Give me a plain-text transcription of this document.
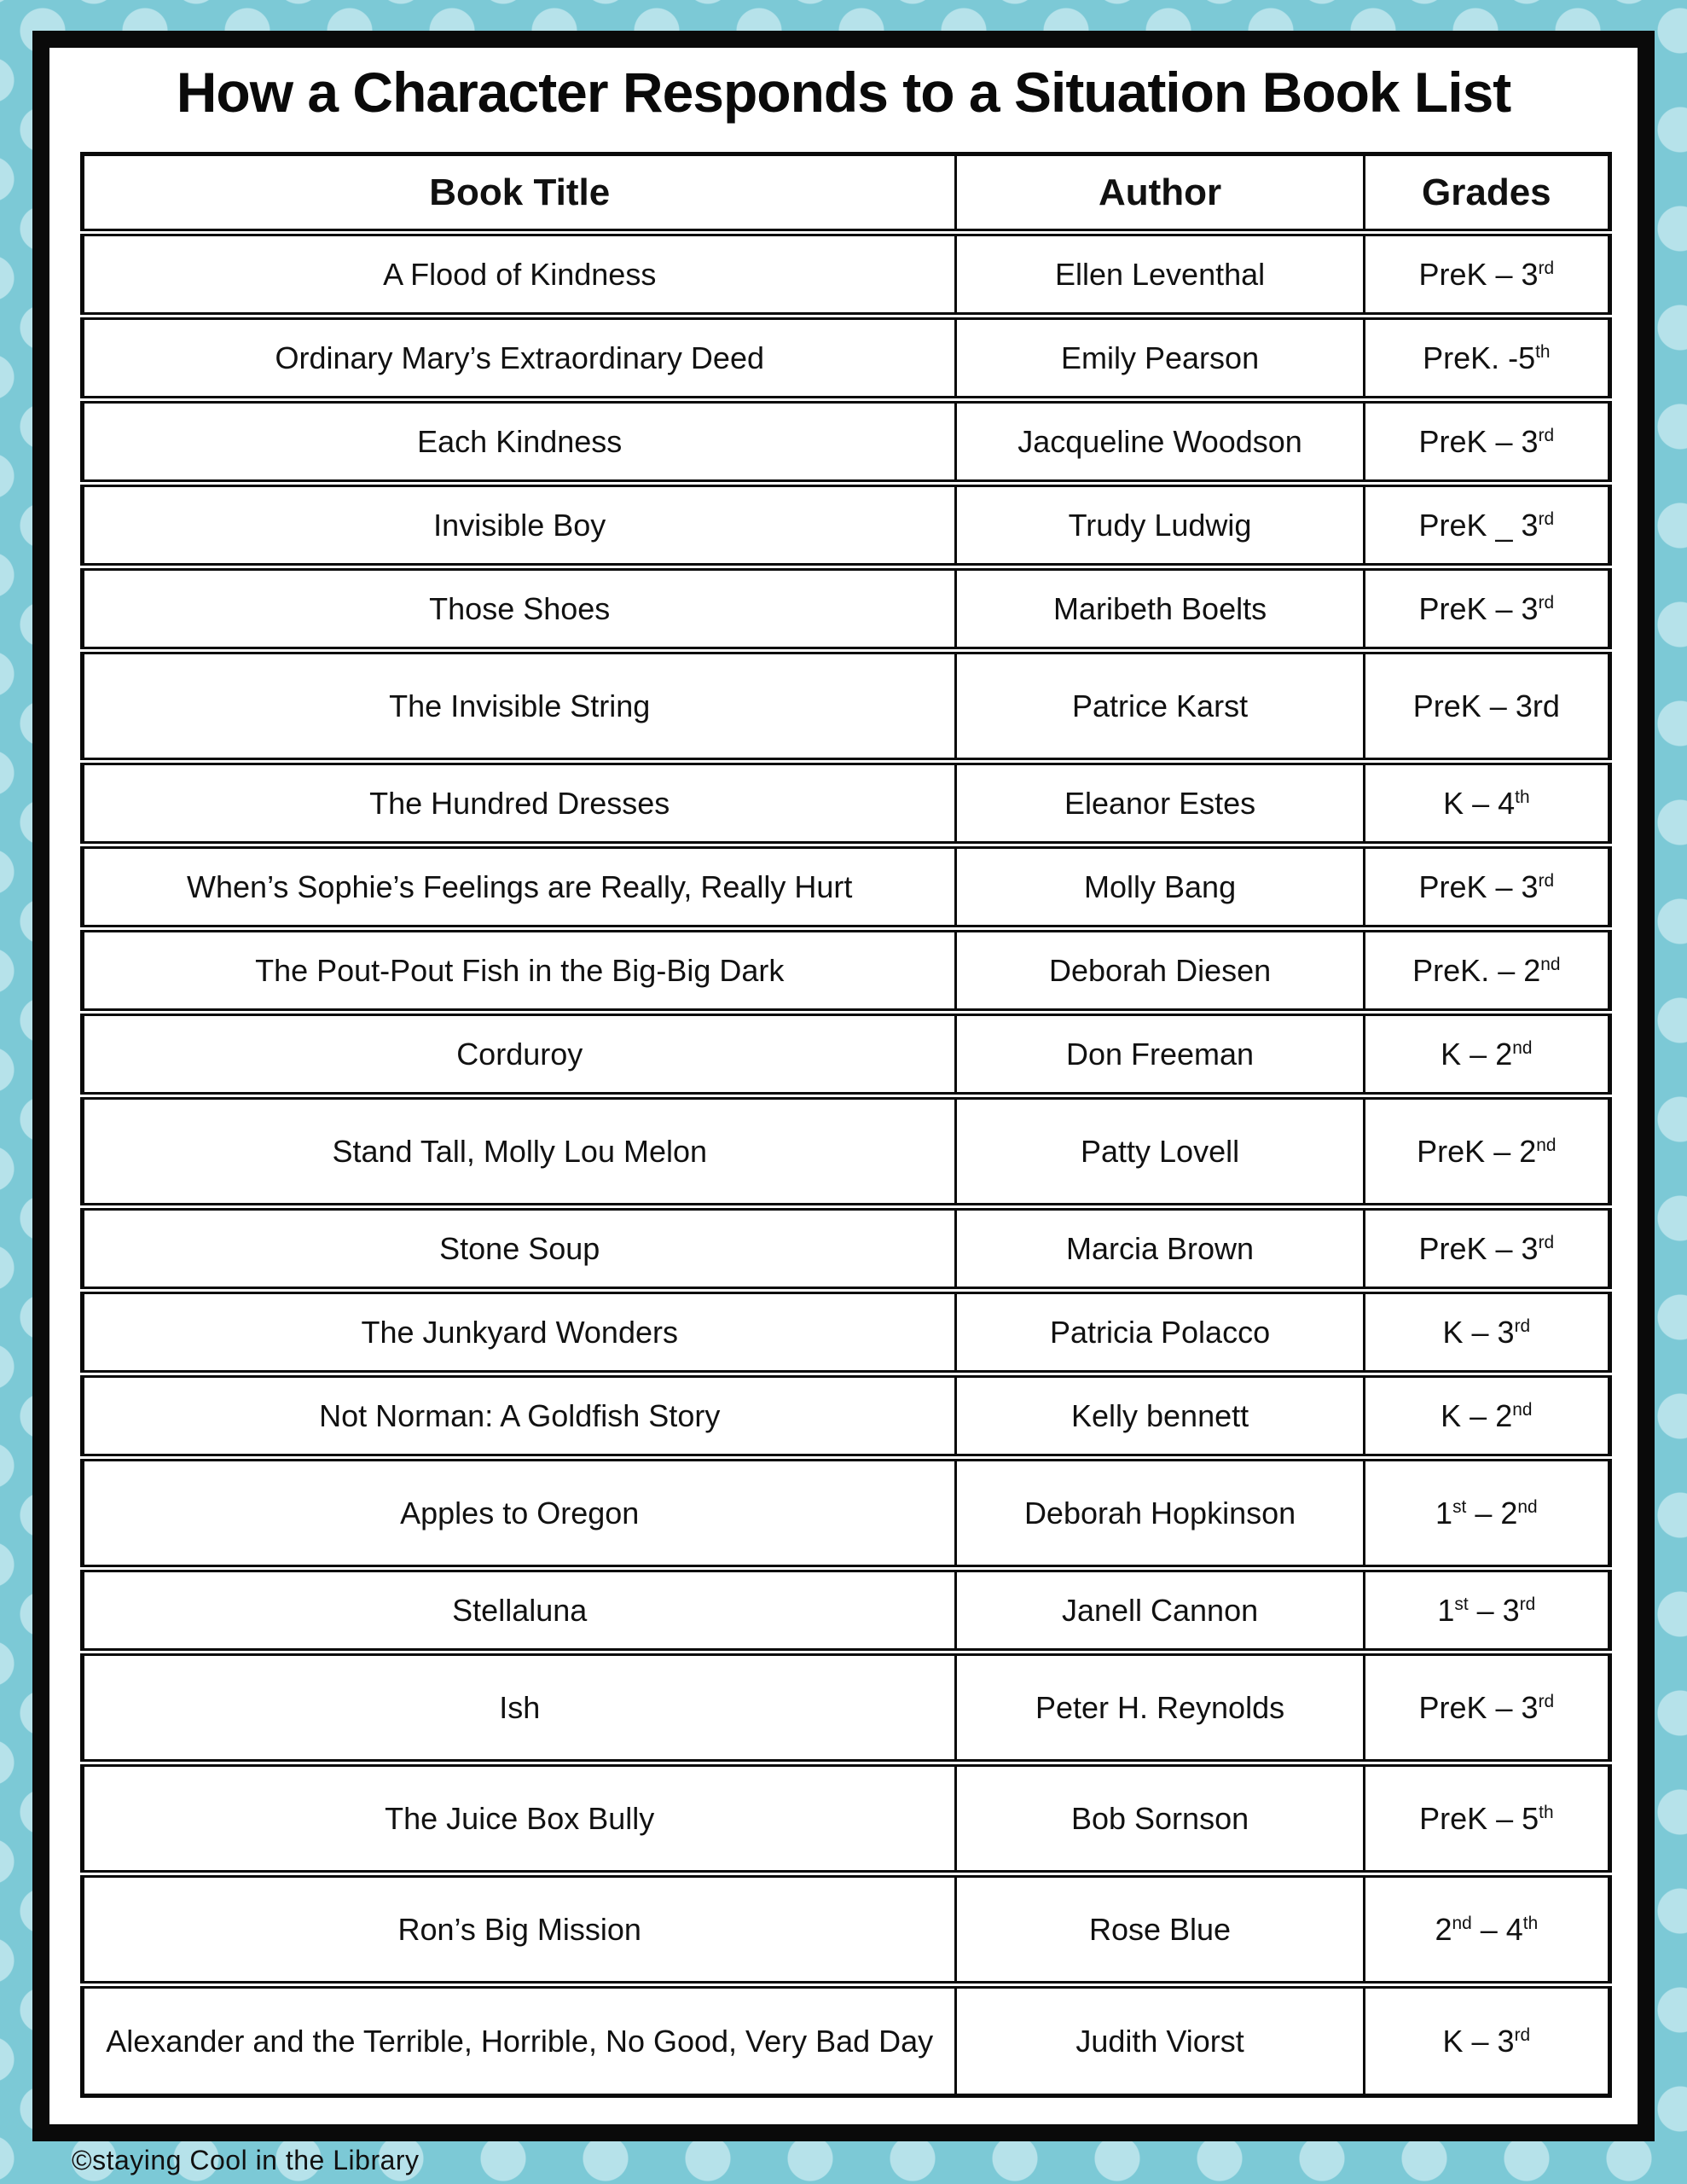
How a Character Responds to a Situation Book List
Book Title	Author	Grades
A Flood of Kindness	Ellen Leventhal	PreK – 3rd
Ordinary Mary’s Extraordinary Deed	Emily Pearson	PreK. -5th
Each Kindness	Jacqueline Woodson	PreK – 3rd
Invisible Boy	Trudy Ludwig	PreK _ 3rd
Those Shoes	Maribeth Boelts	PreK – 3rd
The Invisible String	Patrice Karst	PreK – 3rd
The Hundred Dresses	Eleanor Estes	K – 4th
When’s Sophie’s Feelings are Really, Really Hurt	Molly Bang	PreK – 3rd
The Pout-Pout Fish in the Big-Big Dark	Deborah Diesen	PreK. – 2nd
Corduroy	Don Freeman	K – 2nd
Stand Tall, Molly Lou Melon	Patty Lovell	PreK – 2nd
Stone Soup	Marcia Brown	PreK – 3rd
The Junkyard Wonders	Patricia Polacco	K – 3rd
Not Norman: A Goldfish Story	Kelly bennett	K – 2nd
Apples to Oregon	Deborah Hopkinson	1st – 2nd
Stellaluna	Janell Cannon	1st – 3rd
Ish	Peter H. Reynolds	PreK – 3rd
The Juice Box Bully	Bob Sornson	PreK – 5th
Ron’s Big Mission	Rose Blue	2nd – 4th
Alexander and the Terrible, Horrible, No Good, Very Bad Day	Judith Viorst	K – 3rd
©staying Cool in the Library
